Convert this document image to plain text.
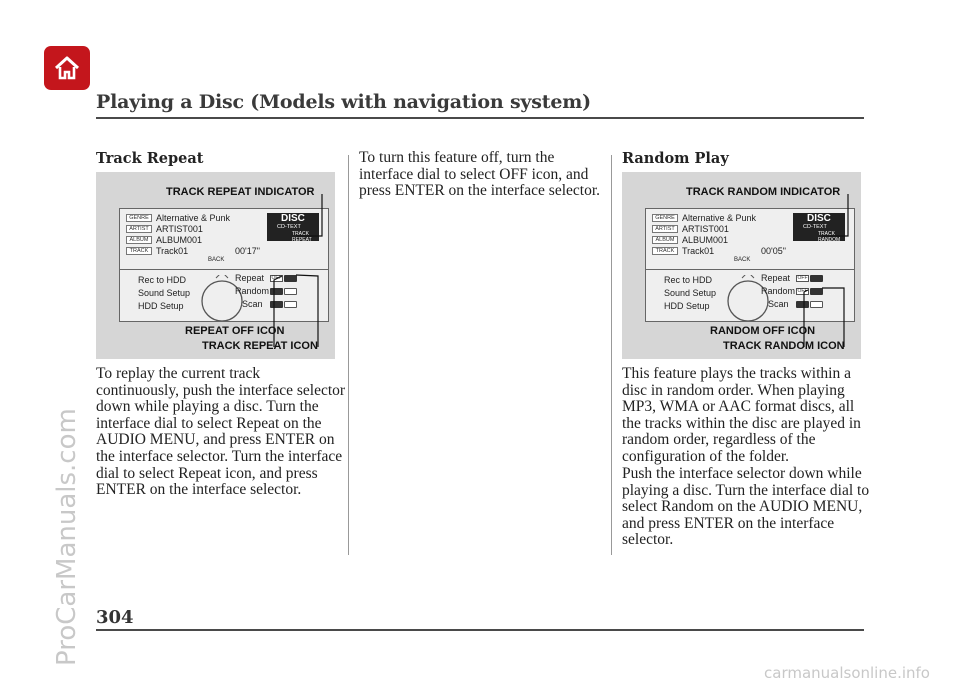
Playing a Disc (Models with navigation system)
Track Repeat
TRACK REPEAT INDICATOR
GENRE Alternative & Punk
ARTIST ARTIST001
ALBUM ALBUM001
TRACK Track01	00'17"
DISC
CD-TEXT
TRACK REPEAT
BACK
Rec to HDD
Sound Setup
HDD Setup
Repeat
Random
Scan
OFF
REPEAT OFF ICON
TRACK REPEAT ICON
To replay the current track continuously, push the interface selector down while playing a disc. Turn the interface dial to select Repeat on the AUDIO MENU, and press ENTER on the interface selector. Turn the interface dial to select Repeat icon, and press ENTER on the interface selector.
To turn this feature off, turn the interface dial to select OFF icon, and press ENTER on the interface selector.
Random Play
TRACK RANDOM INDICATOR
GENRE Alternative & Punk
ARTIST ARTIST001
ALBUM ALBUM001
TRACK Track01	00'05"
DISC
CD-TEXT
TRACK RANDOM
BACK
Rec to HDD
Sound Setup
HDD Setup
Repeat
Random
Scan
OFF
OFF
RANDOM OFF ICON
TRACK RANDOM ICON
This feature plays the tracks within a disc in random order. When playing MP3, WMA or AAC format discs, all the tracks within the disc are played in random order, regardless of the configuration of the folder.
Push the interface selector down while playing a disc. Turn the interface dial to select Random on the AUDIO MENU, and press ENTER on the interface selector.
304
ProCarManuals.com
carmanualsonline.info
